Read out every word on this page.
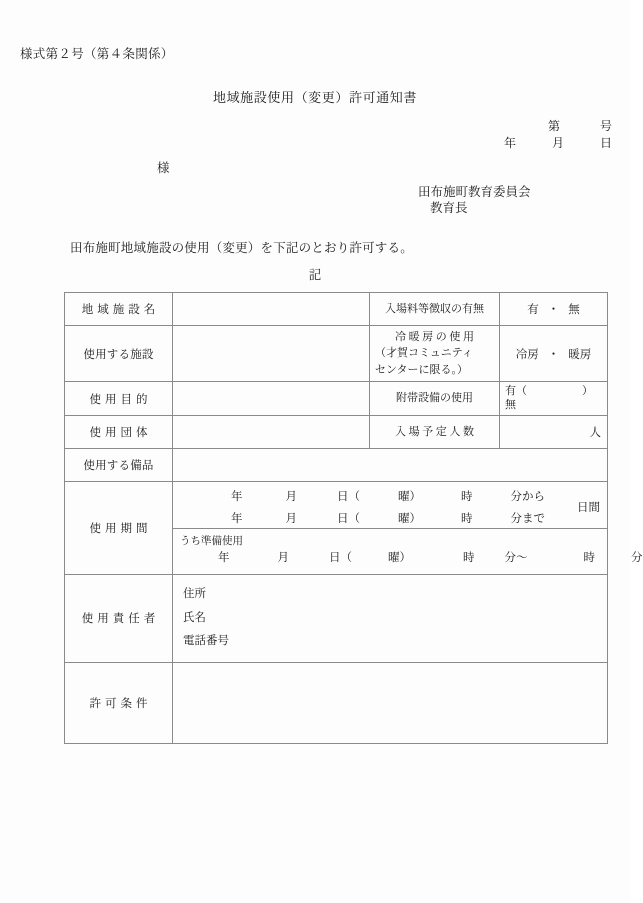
様式第２号（第４条関係）
地域施設使用（変更）許可通知書
第	号
年	月	日
様
田布施町教育委員会
教育長
田布施町地域施設の使用（変更）を下記のとおり許可する。
記
地域施設名		入場料等徴収の有無	有 ・ 無
使用する施設		冷暖房の使用
（才賀コミュニティ
センターに限る。）	冷房 ・ 暖房
使用目的		附帯設備の使用	有（　　　　　）
無
使用団体		入場予定人数	人
使用する備品			
使用期間	年 月 日（ 曜） 時 分から
年 月 日（ 曜） 時 分まで
日間		

	うち準備使用
年 月 日（ 曜） 時 分～ 時 分		

使用責任者	住所
氏名
電話番号		

許可条件			
